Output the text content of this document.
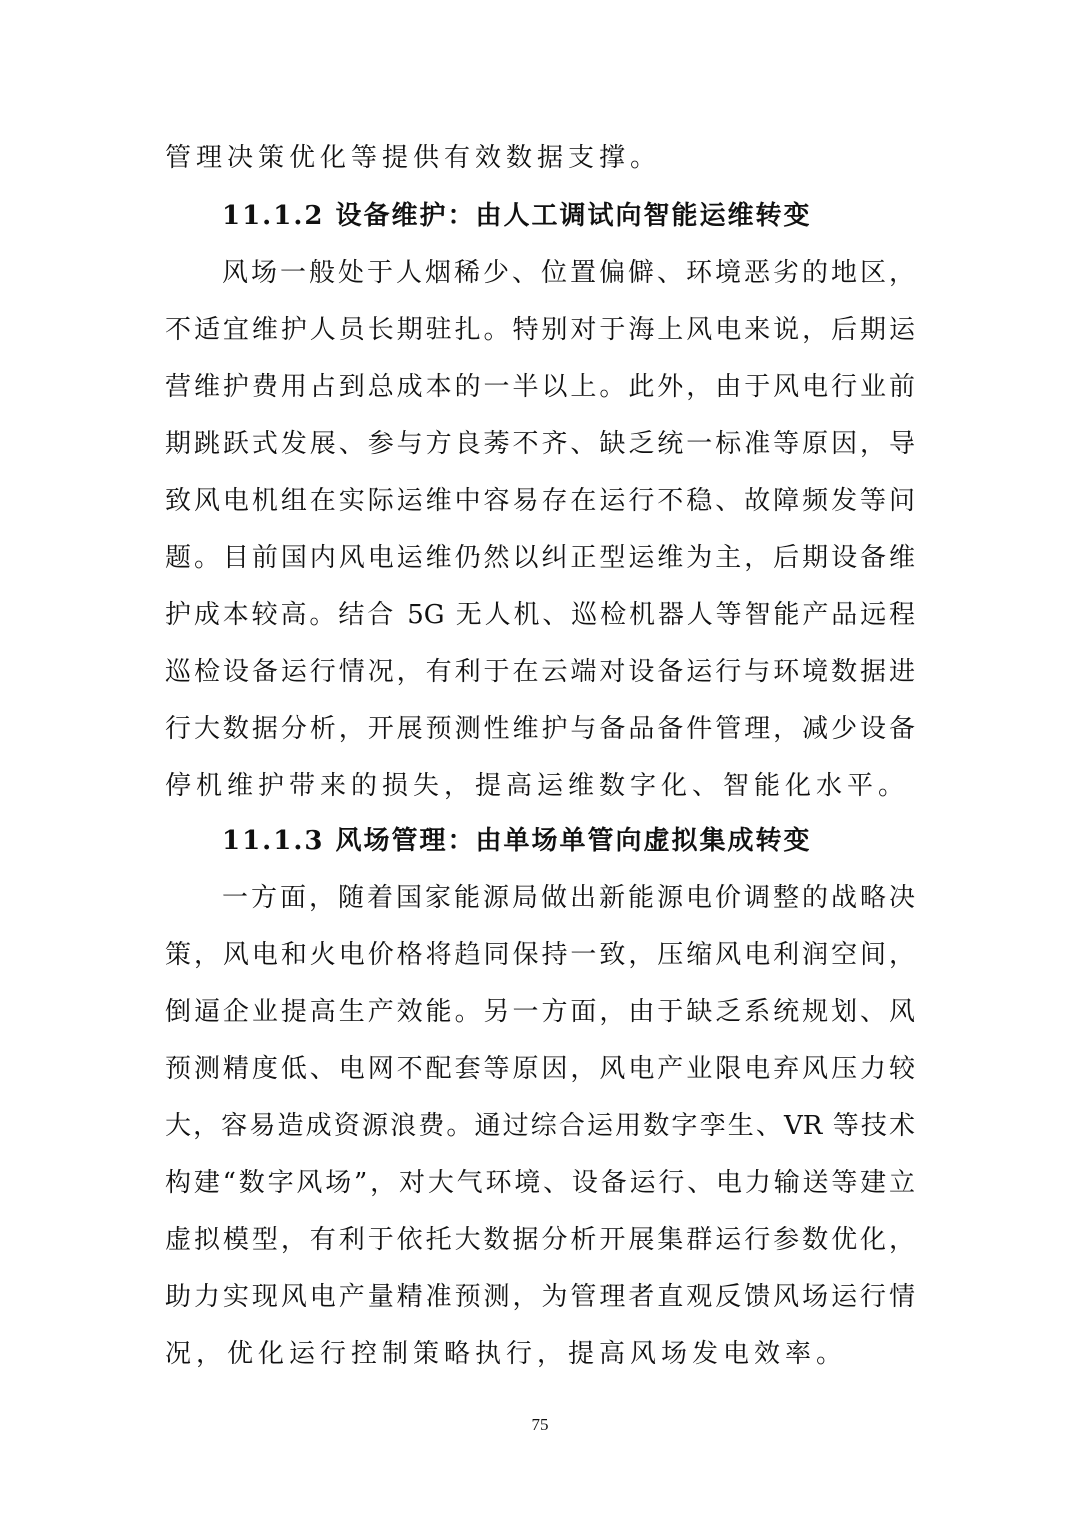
管理决策优化等提供有效数据支撑。
11.1.2 设备维护：由人工调试向智能运维转变
风场一般处于人烟稀少、位置偏僻、环境恶劣的地区，
不适宜维护人员长期驻扎。特别对于海上风电来说，后期运
营维护费用占到总成本的一半以上。此外，由于风电行业前
期跳跃式发展、参与方良莠不齐、缺乏统一标准等原因，导
致风电机组在实际运维中容易存在运行不稳、故障频发等问
题。目前国内风电运维仍然以纠正型运维为主，后期设备维
护成本较高。结合 5G 无人机、巡检机器人等智能产品远程
巡检设备运行情况，有利于在云端对设备运行与环境数据进
行大数据分析，开展预测性维护与备品备件管理，减少设备
停机维护带来的损失，提高运维数字化、智能化水平。
11.1.3 风场管理：由单场单管向虚拟集成转变
一方面，随着国家能源局做出新能源电价调整的战略决
策，风电和火电价格将趋同保持一致，压缩风电利润空间，
倒逼企业提高生产效能。另一方面，由于缺乏系统规划、风
预测精度低、电网不配套等原因，风电产业限电弃风压力较
大，容易造成资源浪费。通过综合运用数字孪生、VR 等技术
构建“数字风场”，对大气环境、设备运行、电力输送等建立
虚拟模型，有利于依托大数据分析开展集群运行参数优化，
助力实现风电产量精准预测，为管理者直观反馈风场运行情
况，优化运行控制策略执行，提高风场发电效率。
75
